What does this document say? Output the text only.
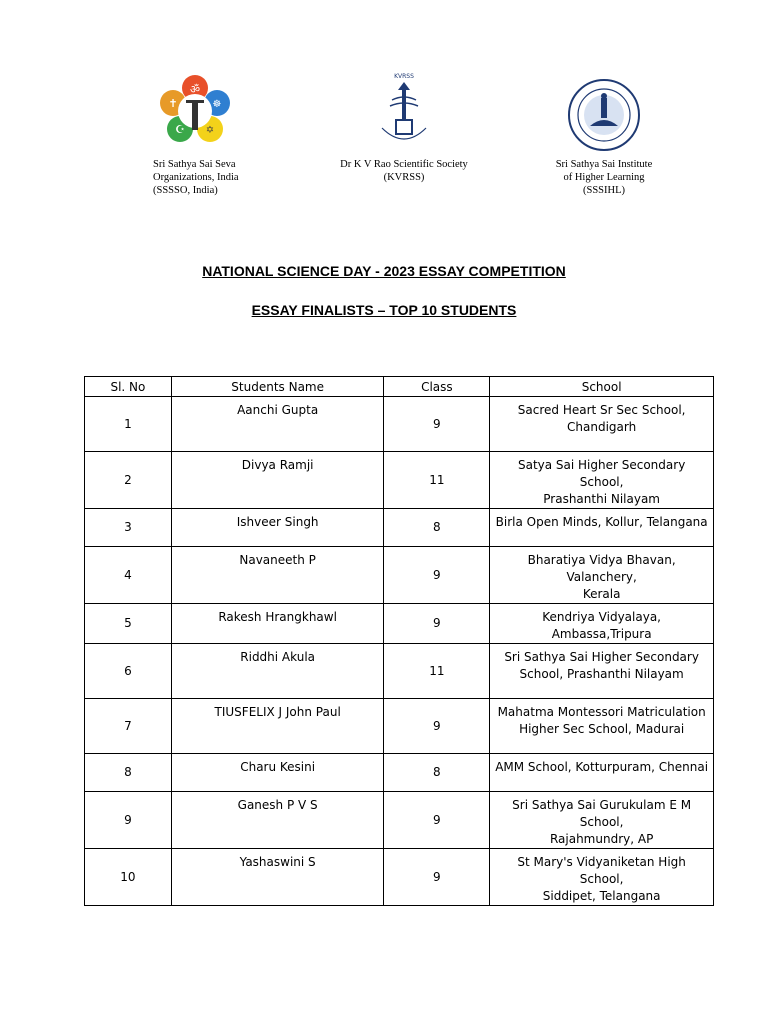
ॐ
✝	☸
☪ ✡
Sri Sathya Sai Seva
Organizations, India
(SSSSO, India)
KVRSS
Dr K V Rao Scientific Society
(KVRSS)
Sri Sathya Sai Institute
of Higher Learning
(SSSIHL)
NATIONAL SCIENCE DAY - 2023 ESSAY COMPETITION
ESSAY FINALISTS – TOP 10 STUDENTS
Sl. No	Students Name	Class	School
1	Aanchi Gupta	9	Sacred Heart Sr Sec School,
Chandigarh

2	Divya Ramji	11	Satya Sai Higher Secondary School,
Prashanthi Nilayam

3	Ishveer Singh	8	Birla Open Minds, Kollur, Telangana

4	Navaneeth P	9	Bharatiya Vidya Bhavan, Valanchery,
Kerala

5	Rakesh Hrangkhawl	9	Kendriya Vidyalaya, Ambassa,Tripura

6	Riddhi Akula	11	Sri Sathya Sai Higher Secondary
School, Prashanthi Nilayam

7	TIUSFELIX J John Paul	9	Mahatma Montessori Matriculation
Higher Sec School, Madurai

8	Charu Kesini	8	AMM School, Kotturpuram, Chennai

9	Ganesh P V S	9	Sri Sathya Sai Gurukulam E M School,
Rajahmundry, AP

10	Yashaswini S	9	St Mary's Vidyaniketan High School,
Siddipet, Telangana
